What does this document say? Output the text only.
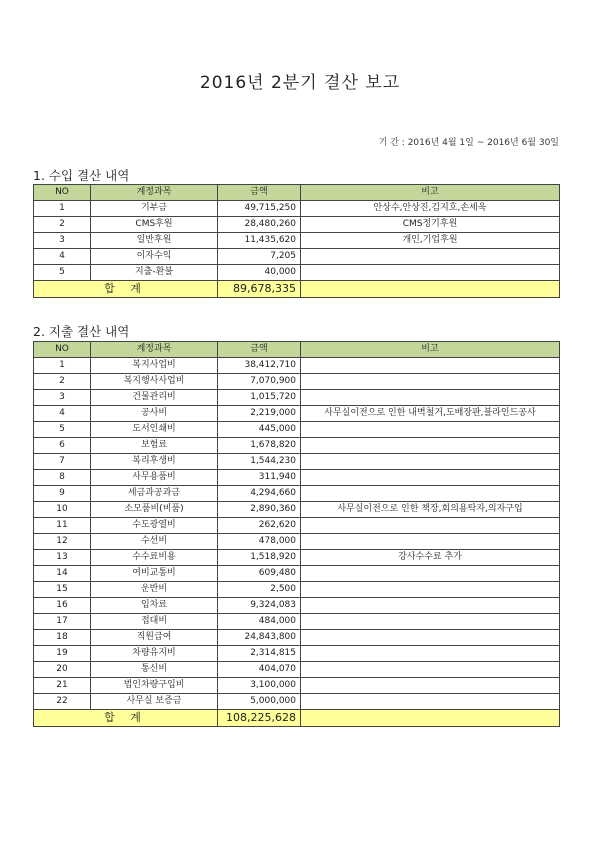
2016년 2분기 결산 보고
기 간 : 2016년 4월 1일 ~ 2016년 6월 30일
1. 수입 결산 내역
NO	계정과목	금액	비고
1	기부금	49,715,250	안상수,안상진,김지호,손세욱
2	CMS후원	28,480,260	CMS정기후원
3	일반후원	11,435,620	개인,기업후원
4	이자수익	7,205	
5	지출-환불	40,000	
합 계		89,678,335	
2. 지출 결산 내역
NO	계정과목	금액	비고
1	복지사업비	38,412,710	
2	복지행사사업비	7,070,900	
3	건물관리비	1,015,720	
4	공사비	2,219,000	사무실이전으로 인한 내벽철거,도배장판,블라인드공사
5	도서인쇄비	445,000	
6	보험료	1,678,820	
7	복리후생비	1,544,230	
8	사무용품비	311,940	
9	세금과공과금	4,294,660	
10	소모품비(비품)	2,890,360	사무실이전으로 인한 책장,회의용탁자,의자구입
11	수도광열비	262,620	
12	수선비	478,000	
13	수수료비용	1,518,920	강사수수료 추가
14	여비교통비	609,480	
15	운반비	2,500	
16	임차료	9,324,083	
17	접대비	484,000	
18	직원급여	24,843,800	
19	차량유지비	2,314,815	
20	통신비	404,070	
21	법인차량구입비	3,100,000	
22	사무실 보증금	5,000,000	
합 계		108,225,628	
